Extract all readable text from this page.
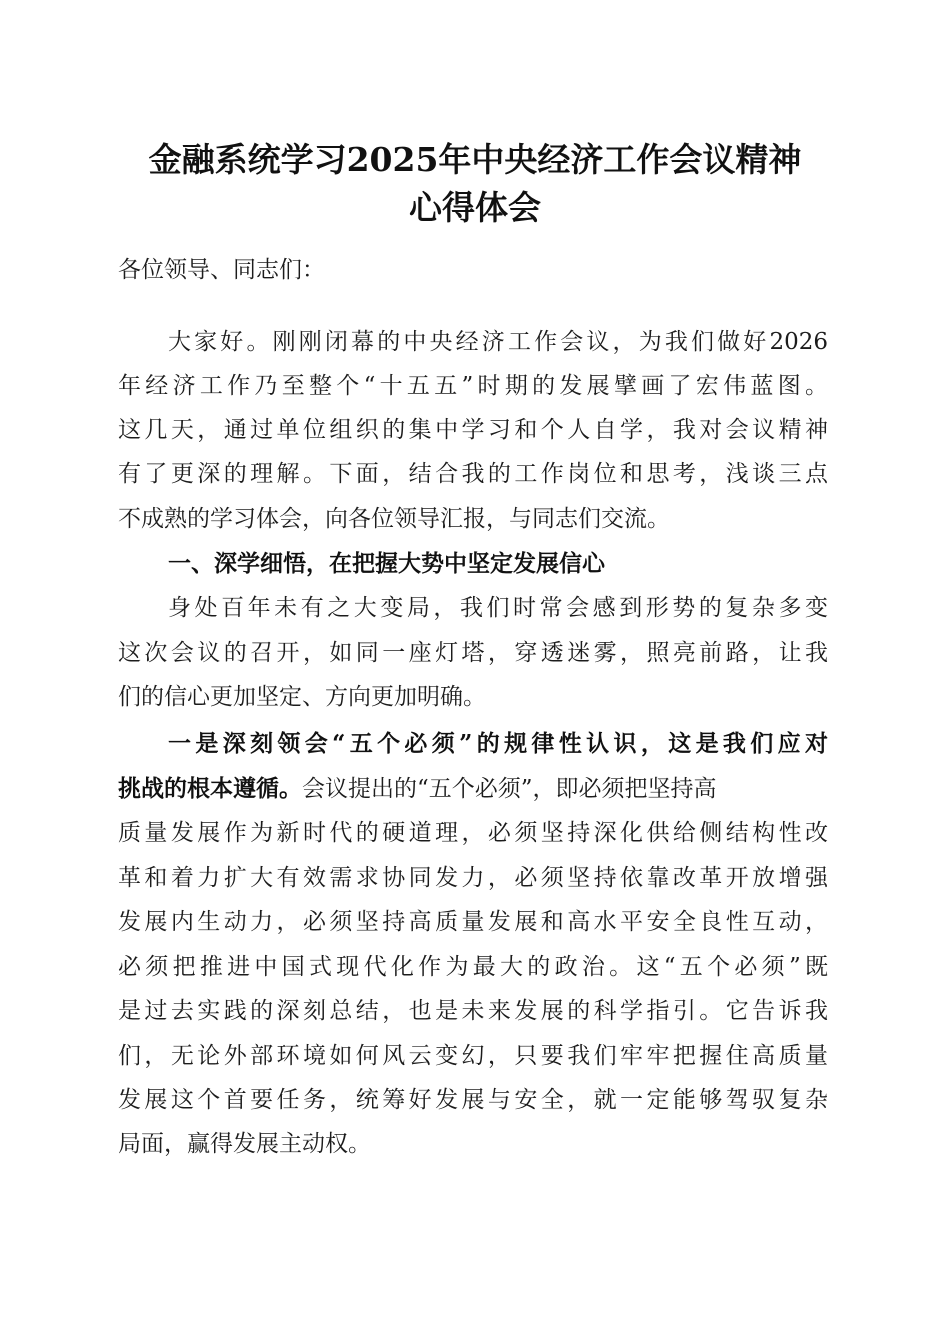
金融系统学习2025年中央经济工作会议精神
心得体会
各位领导、同志们：
大家好。刚刚闭幕的中央经济工作会议，为我们做好2026
年经济工作乃至整个“十五五”时期的发展擘画了宏伟蓝图。
这几天，通过单位组织的集中学习和个人自学，我对会议精神
有了更深的理解。下面，结合我的工作岗位和思考，浅谈三点
不成熟的学习体会，向各位领导汇报，与同志们交流。
一、深学细悟，在把握大势中坚定发展信心
身处百年未有之大变局，我们时常会感到形势的复杂多变
这次会议的召开，如同一座灯塔，穿透迷雾，照亮前路，让我
们的信心更加坚定、方向更加明确。
一是深刻领会“五个必须”的规律性认识，这是我们应对
挑战的根本遵循。会议提出的“五个必须”，即必须把坚持高
质量发展作为新时代的硬道理，必须坚持深化供给侧结构性改
革和着力扩大有效需求协同发力，必须坚持依靠改革开放增强
发展内生动力，必须坚持高质量发展和高水平安全良性互动，
必须把推进中国式现代化作为最大的政治。这“五个必须”既
是过去实践的深刻总结，也是未来发展的科学指引。它告诉我
们，无论外部环境如何风云变幻，只要我们牢牢把握住高质量
发展这个首要任务，统筹好发展与安全，就一定能够驾驭复杂
局面，赢得发展主动权。
